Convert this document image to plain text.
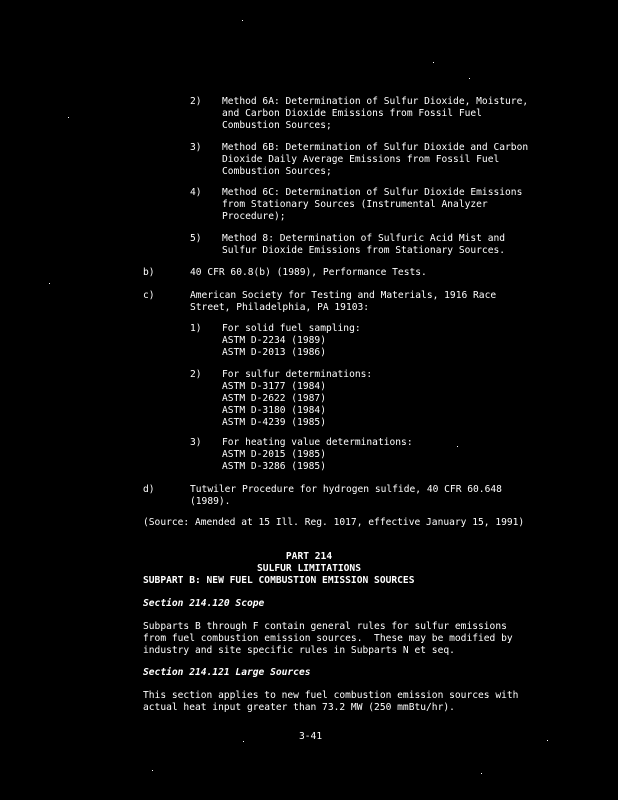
2) Method 6A: Determination of Sulfur Dioxide, Moisture,
and Carbon Dioxide Emissions from Fossil Fuel
Combustion Sources;
3) Method 6B: Determination of Sulfur Dioxide and Carbon
Dioxide Daily Average Emissions from Fossil Fuel
Combustion Sources;
4) Method 6C: Determination of Sulfur Dioxide Emissions
from Stationary Sources (Instrumental Analyzer
Procedure);
5) Method 8: Determination of Sulfuric Acid Mist and
Sulfur Dioxide Emissions from Stationary Sources.
b)	40 CFR 60.8(b) (1989), Performance Tests.
c)	American Society for Testing and Materials, 1916 Race
Street, Philadelphia, PA 19103:
1) For solid fuel sampling:
ASTM D-2234 (1989)
ASTM D-2013 (1986)
2) For sulfur determinations:
ASTM D-3177 (1984)
ASTM D-2622 (1987)
ASTM D-3180 (1984)
ASTM D-4239 (1985)
3) For heating value determinations:
ASTM D-2015 (1985)
ASTM D-3286 (1985)
d)	Tutwiler Procedure for hydrogen sulfide, 40 CFR 60.648
(1989).
(Source: Amended at 15 Ill. Reg. 1017, effective January 15, 1991)
PART 214
SULFUR LIMITATIONS
SUBPART B: NEW FUEL COMBUSTION EMISSION SOURCES
Section 214.120 Scope
Subparts B through F contain general rules for sulfur emissions
from fuel combustion emission sources.  These may be modified by
industry and site specific rules in Subparts N et seq.
Section 214.121 Large Sources
This section applies to new fuel combustion emission sources with
actual heat input greater than 73.2 MW (250 mmBtu/hr).
3-41
